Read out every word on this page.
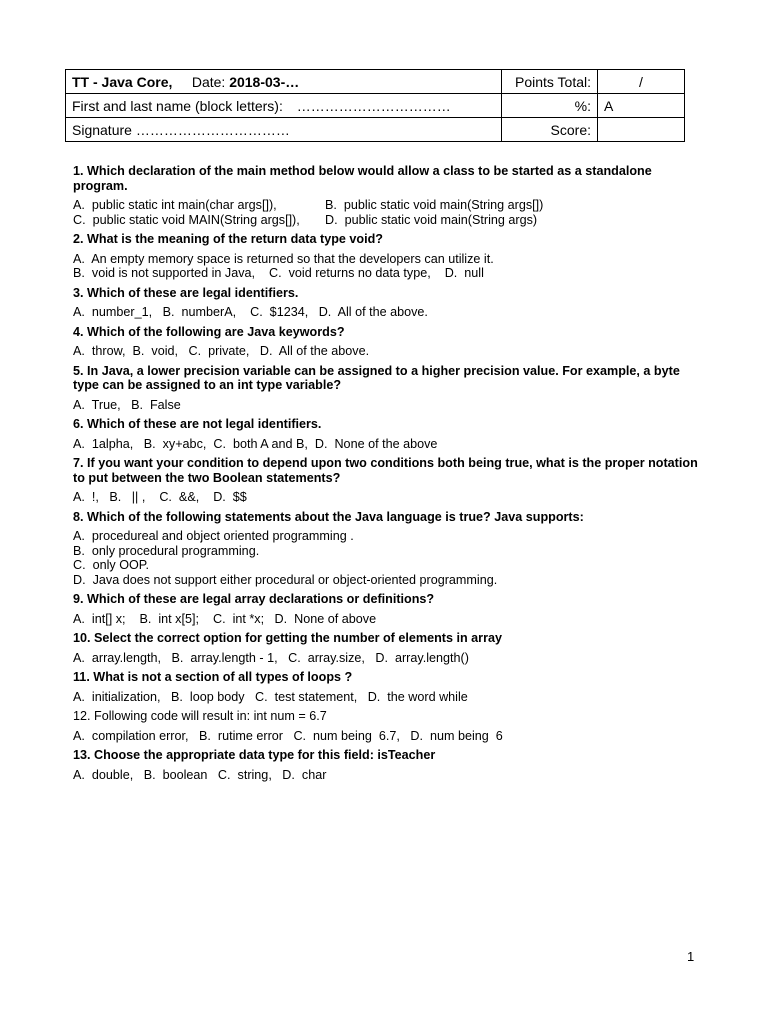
TT - Java Core, Date: 2018-03-…	Points Total:	/
First and last name (block letters): ……………………………	%:	A
Signature ……………………………	Score:	
1. Which declaration of the main method below would allow a class to be started as a standalone program.
A.  public static int main(char args[]),	B.  public static void main(String args[])
C.  public static void MAIN(String args[]),	D.  public static void main(String args)
2. What is the meaning of the return data type void?
A.  An empty memory space is returned so that the developers can utilize it.
B.  void is not supported in Java,    C.  void returns no data type,    D.  null
3. Which of these are legal identifiers.
A.  number_1,   B.  numberA,    C.  $1234,   D.  All of the above.
4. Which of the following are Java keywords?
A.  throw,  B.  void,   C.  private,   D.  All of the above.
5. In Java, a lower precision variable can be assigned to a higher precision value. For example, a byte type can be assigned to an int type variable?
A.  True,   B.  False
6. Which of these are not legal identifiers.
A.  1alpha,   B.  xy+abc,  C.  both A and B,  D.  None of the above
7. If you want your condition to depend upon two conditions both being true, what is the proper notation to put between the two Boolean statements?
A.  !,   B.   || ,    C.  &&,    D.  $$
8. Which of the following statements about the Java language is true? Java supports:
A.  procedureal and object oriented programming .
B.  only procedural programming.
C.  only OOP.
D.  Java does not support either procedural or object-oriented programming.
9. Which of these are legal array declarations or definitions?
A.  int[] x;    B.  int x[5];    C.  int *x;   D.  None of above
10. Select the correct option for getting the number of elements in array
A.  array.length,   B.  array.length - 1,   C.  array.size,   D.  array.length()
11. What is not a section of all types of loops ?
A.  initialization,   B.  loop body   C.  test statement,   D.  the word while
12. Following code will result in: int num = 6.7
A.  compilation error,   B.  rutime error   C.  num being  6.7,   D.  num being  6
13. Choose the appropriate data type for this field: isTeacher
A.  double,   B.  boolean   C.  string,   D.  char
1
